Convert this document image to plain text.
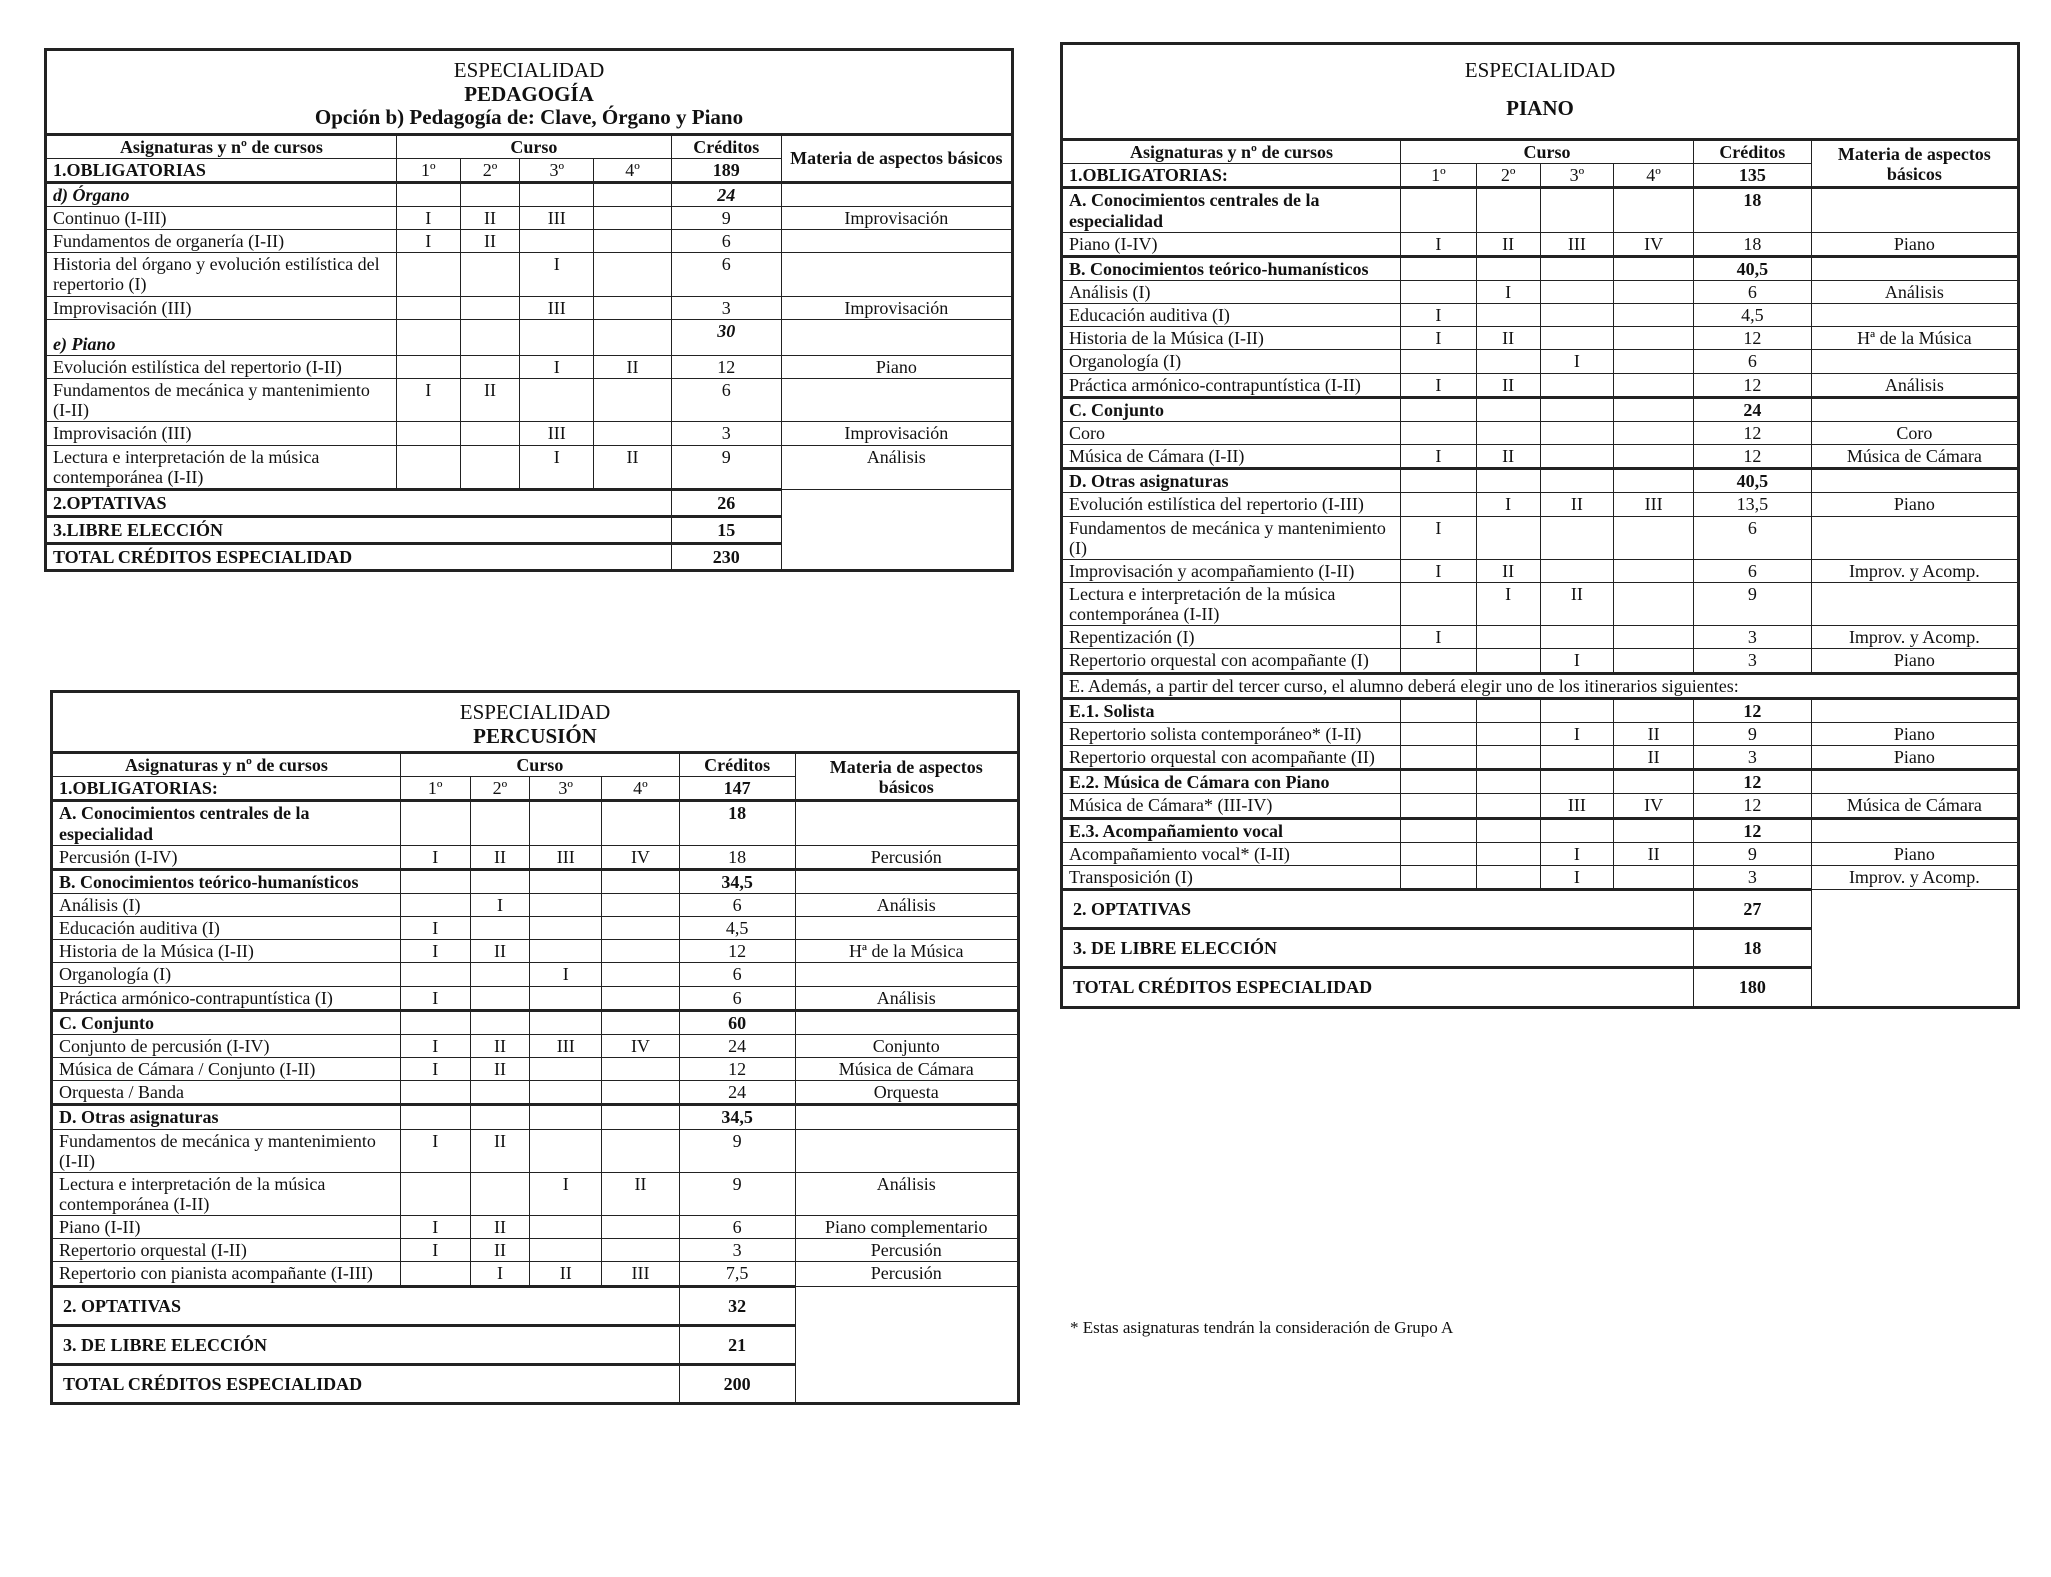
ESPECIALIDAD
PEDAGOGÍA
Opción b) Pedagogía de: Clave, Órgano y Piano						

Asignaturas y nº de cursos	Curso				Créditos	Materia de aspectos básicos
1.OBLIGATORIAS	1º	2º	3º	4º	189	
d) Órgano					24	
Continuo (I-III)	I	II	III		9	Improvisación
Fundamentos de organería (I-II)	I	II			6	
Historia del órgano y evolución estilística del repertorio (I)			I		6	
Improvisación (III)			III		3	Improvisación
e) Piano					30	
Evolución estilística del repertorio (I-II)			I	II	12	Piano
Fundamentos de mecánica y mantenimiento (I-II)	I	II			6	
Improvisación (III)			III		3	Improvisación
Lectura e interpretación de la música contemporánea (I-II)			I	II	9	Análisis
2.OPTATIVAS					26	
3.LIBRE ELECCIÓN					15	
TOTAL CRÉDITOS ESPECIALIDAD					230	
ESPECIALIDAD
PERCUSIÓN						

Asignaturas y nº de cursos	Curso				Créditos	Materia de aspectos básicos
1.OBLIGATORIAS:	1º	2º	3º	4º	147	
A. Conocimientos centrales de la especialidad					18	
Percusión (I-IV)	I	II	III	IV	18	Percusión
B. Conocimientos teórico-humanísticos					34,5	
Análisis (I)		I			6	Análisis
Educación auditiva (I)	I				4,5	
Historia de la Música (I-II)	I	II			12	Hª de la Música
Organología (I)			I		6	
Práctica armónico-contrapuntística (I)	I				6	Análisis
C. Conjunto					60	
Conjunto de percusión (I-IV)	I	II	III	IV	24	Conjunto
Música de Cámara / Conjunto (I-II)	I	II			12	Música de Cámara
Orquesta / Banda					24	Orquesta
D. Otras asignaturas					34,5	
Fundamentos de mecánica y mantenimiento (I-II)	I	II			9	
Lectura e interpretación de la música contemporánea (I-II)			I	II	9	Análisis
Piano (I-II)	I	II			6	Piano complementario
Repertorio orquestal (I-II)	I	II			3	Percusión
Repertorio con pianista acompañante (I-III)		I	II	III	7,5	Percusión
2. OPTATIVAS					32	
3. DE LIBRE ELECCIÓN					21	
TOTAL CRÉDITOS ESPECIALIDAD					200	
ESPECIALIDAD
PIANO						

Asignaturas y nº de cursos	Curso				Créditos	Materia de aspectos básicos
1.OBLIGATORIAS:	1º	2º	3º	4º	135	
A. Conocimientos centrales de la especialidad					18	
Piano (I-IV)	I	II	III	IV	18	Piano
B. Conocimientos teórico-humanísticos					40,5	
Análisis (I)		I			6	Análisis
Educación auditiva (I)	I				4,5	
Historia de la Música (I-II)	I	II			12	Hª de la Música
Organología (I)			I		6	
Práctica armónico-contrapuntística (I-II)	I	II			12	Análisis
C. Conjunto					24	
Coro					12	Coro
Música de Cámara (I-II)	I	II			12	Música de Cámara
D. Otras asignaturas					40,5	
Evolución estilística del repertorio (I-III)		I	II	III	13,5	Piano
Fundamentos de mecánica y mantenimiento (I)	I				6	
Improvisación y acompañamiento (I-II)	I	II			6	Improv. y Acomp.
Lectura e interpretación de la música contemporánea (I-II)		I	II		9	
Repentización (I)	I				3	Improv. y Acomp.
Repertorio orquestal con acompañante (I)			I		3	Piano
E. Además, a partir del tercer curso, el alumno deberá elegir uno de los itinerarios siguientes:						
E.1. Solista					12	
Repertorio solista contemporáneo* (I-II)			I	II	9	Piano
Repertorio orquestal con acompañante (II)				II	3	Piano
E.2. Música de Cámara con Piano					12	
Música de Cámara* (III-IV)			III	IV	12	Música de Cámara
E.3. Acompañamiento vocal					12	
Acompañamiento vocal* (I-II)			I	II	9	Piano
Transposición (I)			I		3	Improv. y Acomp.
2. OPTATIVAS					27	
3. DE LIBRE ELECCIÓN					18	
TOTAL CRÉDITOS ESPECIALIDAD					180	
* Estas asignaturas tendrán la consideración de Grupo A
